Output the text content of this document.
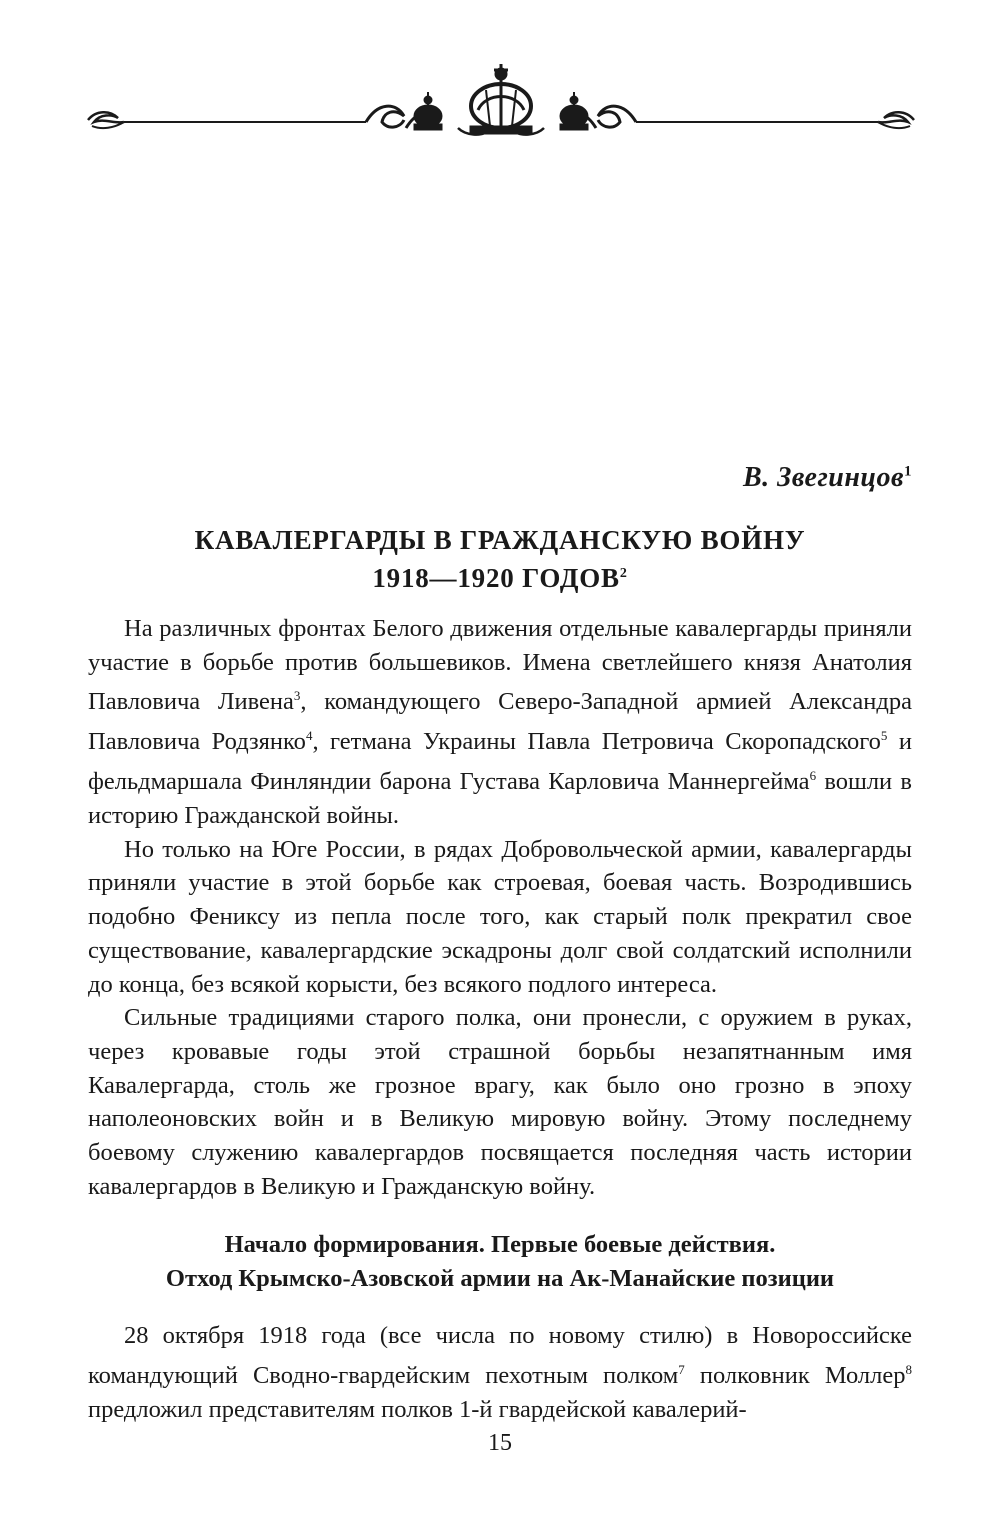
В. Звегинцов$^1$
КАВАЛЕРГАРДЫ В ГРАЖДАНСКУЮ ВОЙНУ
1918—1920 ГОДОВ$^2$

На различных фронтах Белого движения отдельные кавалергарды приняли участие в борьбе против большевиков. Имена светлейшего князя Анатолия Павловича Ливена$^3$, командующего Северо-Западной армией Александра Павловича Родзянко$^4$, гетмана Украины Павла Петровича Скоропадского$^5$ и фельдмаршала Финляндии барона Густава Карловича Маннергейма$^6$ вошли в историю Гражданской войны.

Но только на Юге России, в рядах Добровольческой армии, кавалергарды приняли участие в этой борьбе как строевая, боевая часть. Возродившись подобно Фениксу из пепла после того, как старый полк прекратил свое существование, кавалергардские эскадроны долг свой солдатский исполнили до конца, без всякой корысти, без всякого подлого интереса.

Сильные традициями старого полка, они пронесли, с оружием в руках, через кровавые годы этой страшной борьбы незапятнанным имя Кавалергарда, столь же грозное врагу, как было оно грозно в эпоху наполеоновских войн и в Великую мировую войну. Этому последнему боевому служению кавалергардов посвящается последняя часть истории кавалергардов в Великую и Гражданскую войну.

Начало формирования. Первые боевые действия.
Отход Крымско-Азовской армии на Ак-Манайские позиции

28 октября 1918 года (все числа по новому стилю) в Новороссийске командующий Сводно-гвардейским пехотным полком$^7$ полковник Моллер$^8$ предложил представителям полков 1-й гвардейской кавалерий-

15
